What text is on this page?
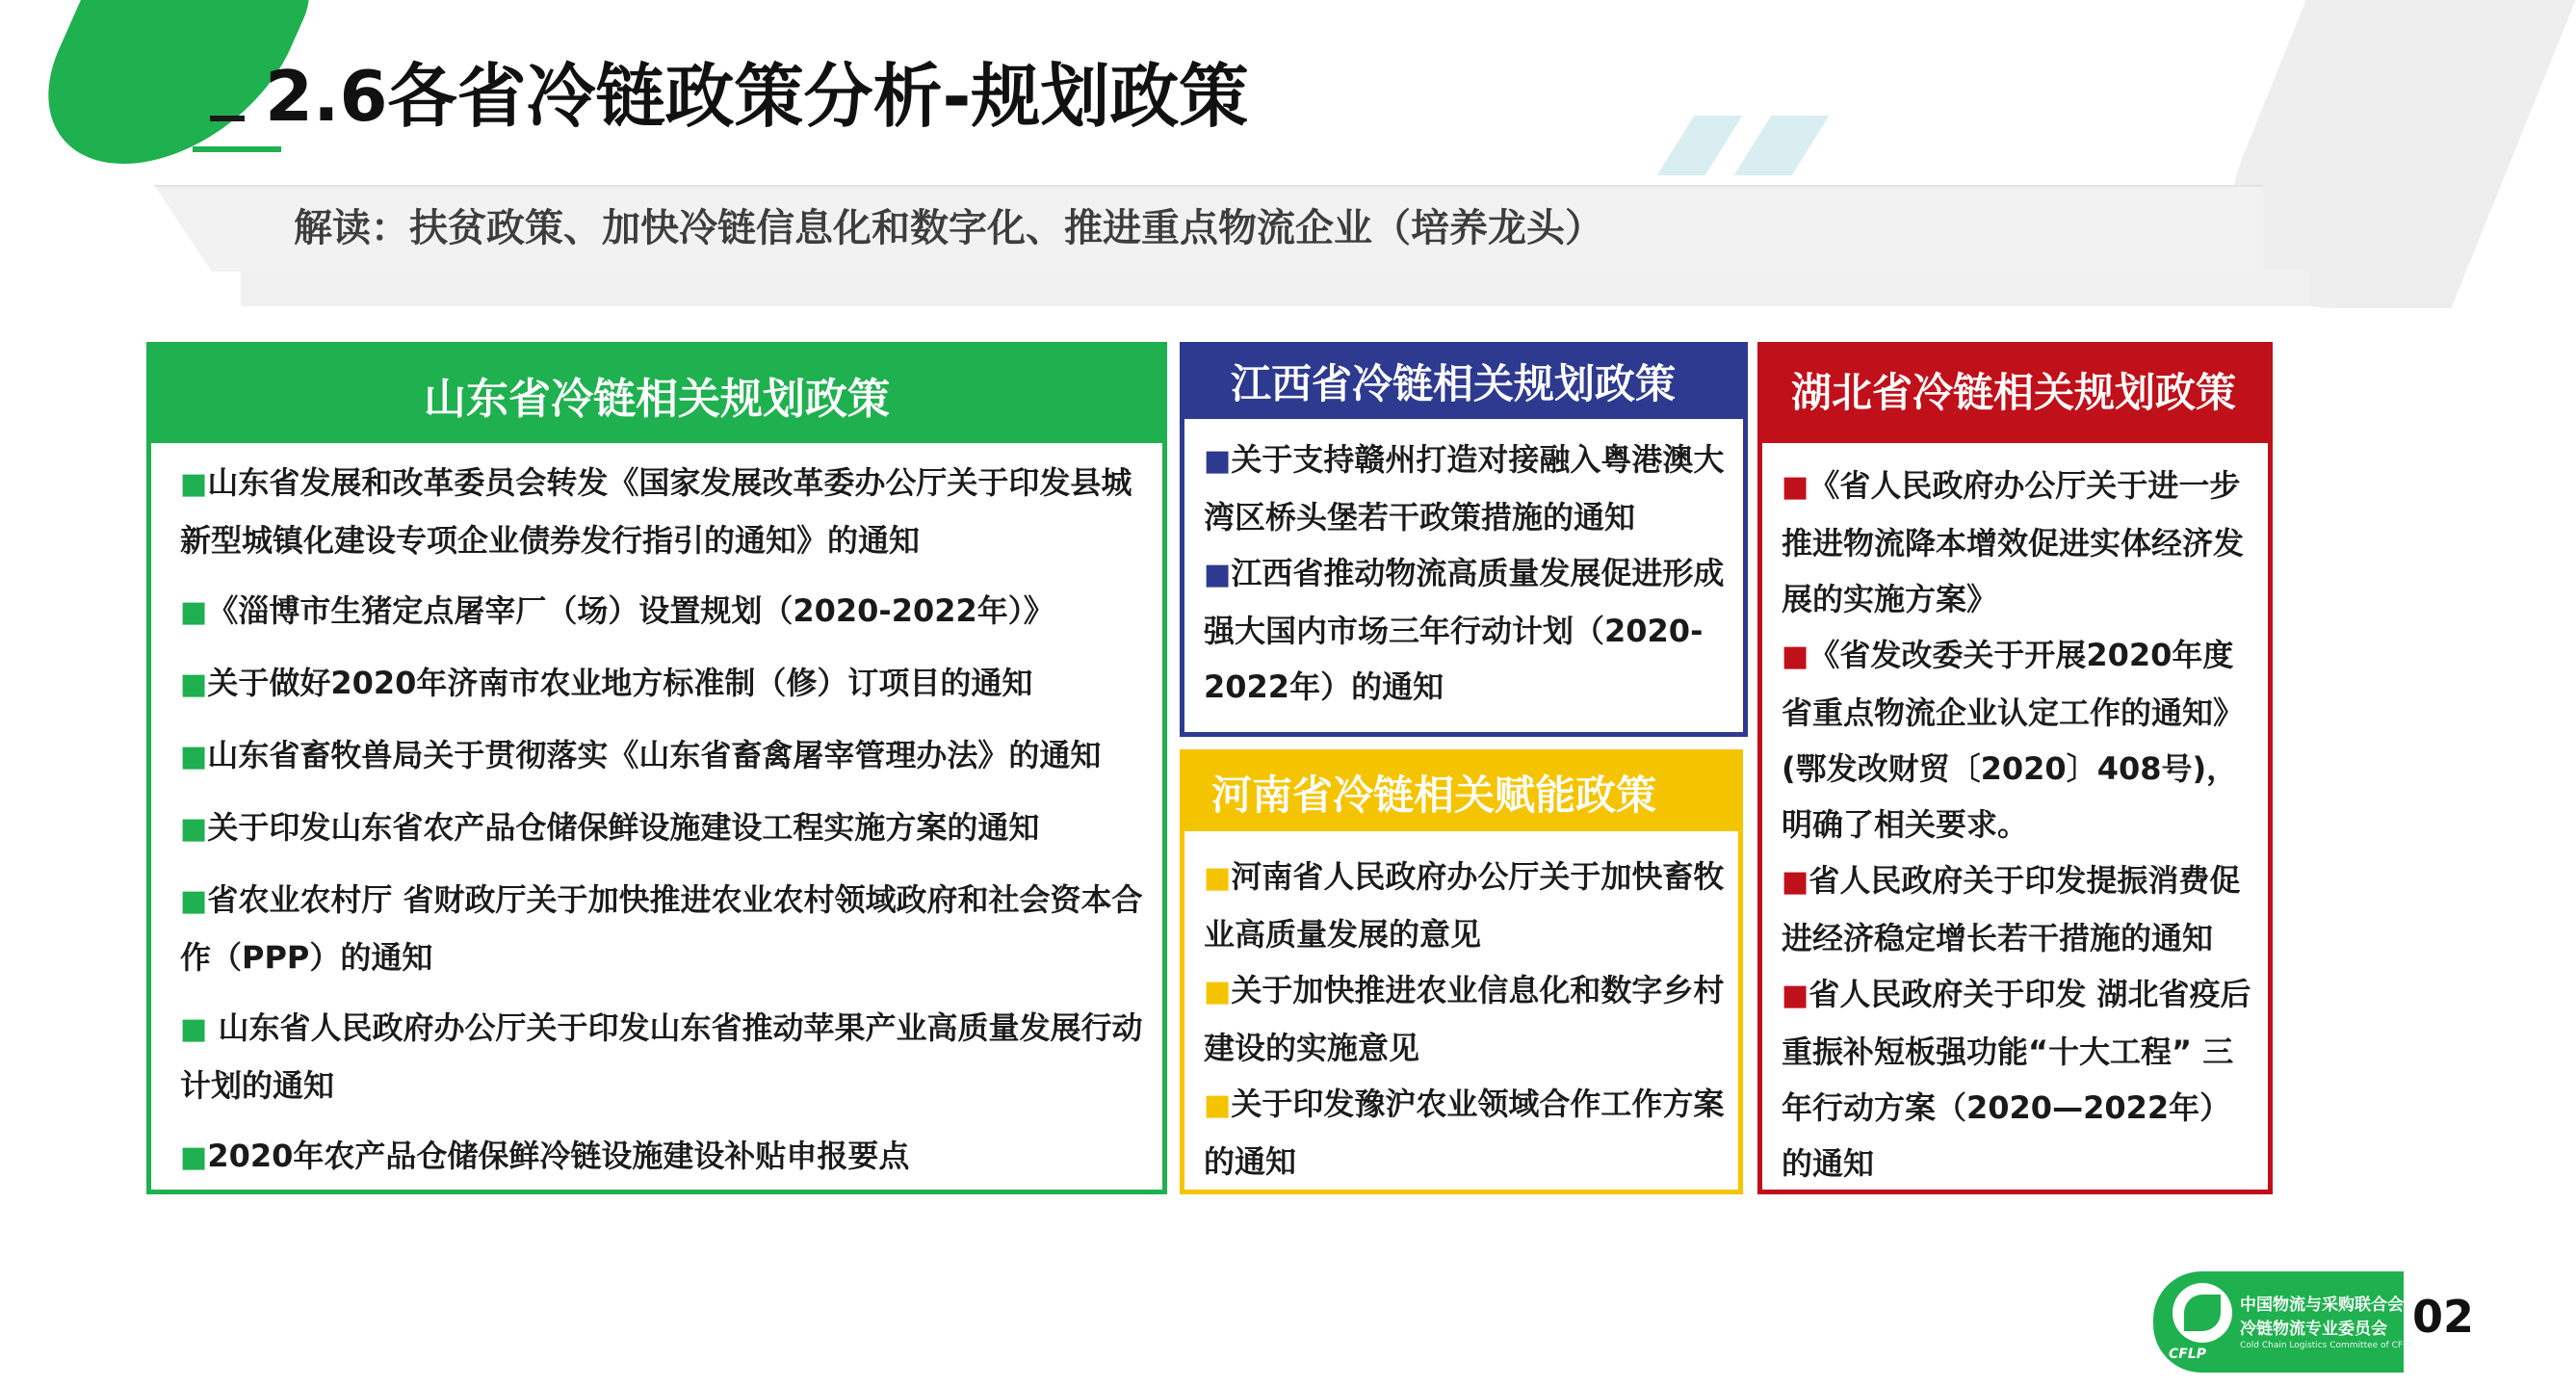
2.6各省冷链政策分析-规划政策
解读：扶贫政策、加快冷链信息化和数字化、推进重点物流企业（培养龙头）
山东省冷链相关规划政策
■山东省发展和改革委员会转发《国家发展改革委办公厅关于印发县城新型城镇化建设专项企业债券发行指引的通知》的通知
■《淄博市生猪定点屠宰厂（场）设置规划（2020-2022年）》
■关于做好2020年济南市农业地方标准制（修）订项目的通知
■山东省畜牧兽局关于贯彻落实《山东省畜禽屠宰管理办法》的通知
■关于印发山东省农产品仓储保鲜设施建设工程实施方案的通知
■省农业农村厅 省财政厅关于加快推进农业农村领域政府和社会资本合作（PPP）的通知
■ 山东省人民政府办公厅关于印发山东省推动苹果产业高质量发展行动计划的通知
■2020年农产品仓储保鲜冷链设施建设补贴申报要点
江西省冷链相关规划政策
■关于支持赣州打造对接融入粤港澳大湾区桥头堡若干政策措施的通知
■江西省推动物流高质量发展促进形成强大国内市场三年行动计划（2020-2022年）的通知
河南省冷链相关赋能政策
■河南省人民政府办公厅关于加快畜牧业高质量发展的意见
■关于加快推进农业信息化和数字乡村建设的实施意见
■关于印发豫沪农业领域合作工作方案的通知
湖北省冷链相关规划政策
■《省人民政府办公厅关于进一步推进物流降本增效促进实体经济发展的实施方案》
■《省发改委关于开展2020年度省重点物流企业认定工作的通知》(鄂发改财贸〔2020〕408号)，明确了相关要求。
■省人民政府关于印发提振消费促进经济稳定增长若干措施的通知
■省人民政府关于印发 湖北省疫后重振补短板强功能“十大工程” 三年行动方案（2020—2022年）的通知
CFLP
中国物流与采购联合会
冷链物流专业委员会
Cold Chain Logistics Committee of CFLP
02
